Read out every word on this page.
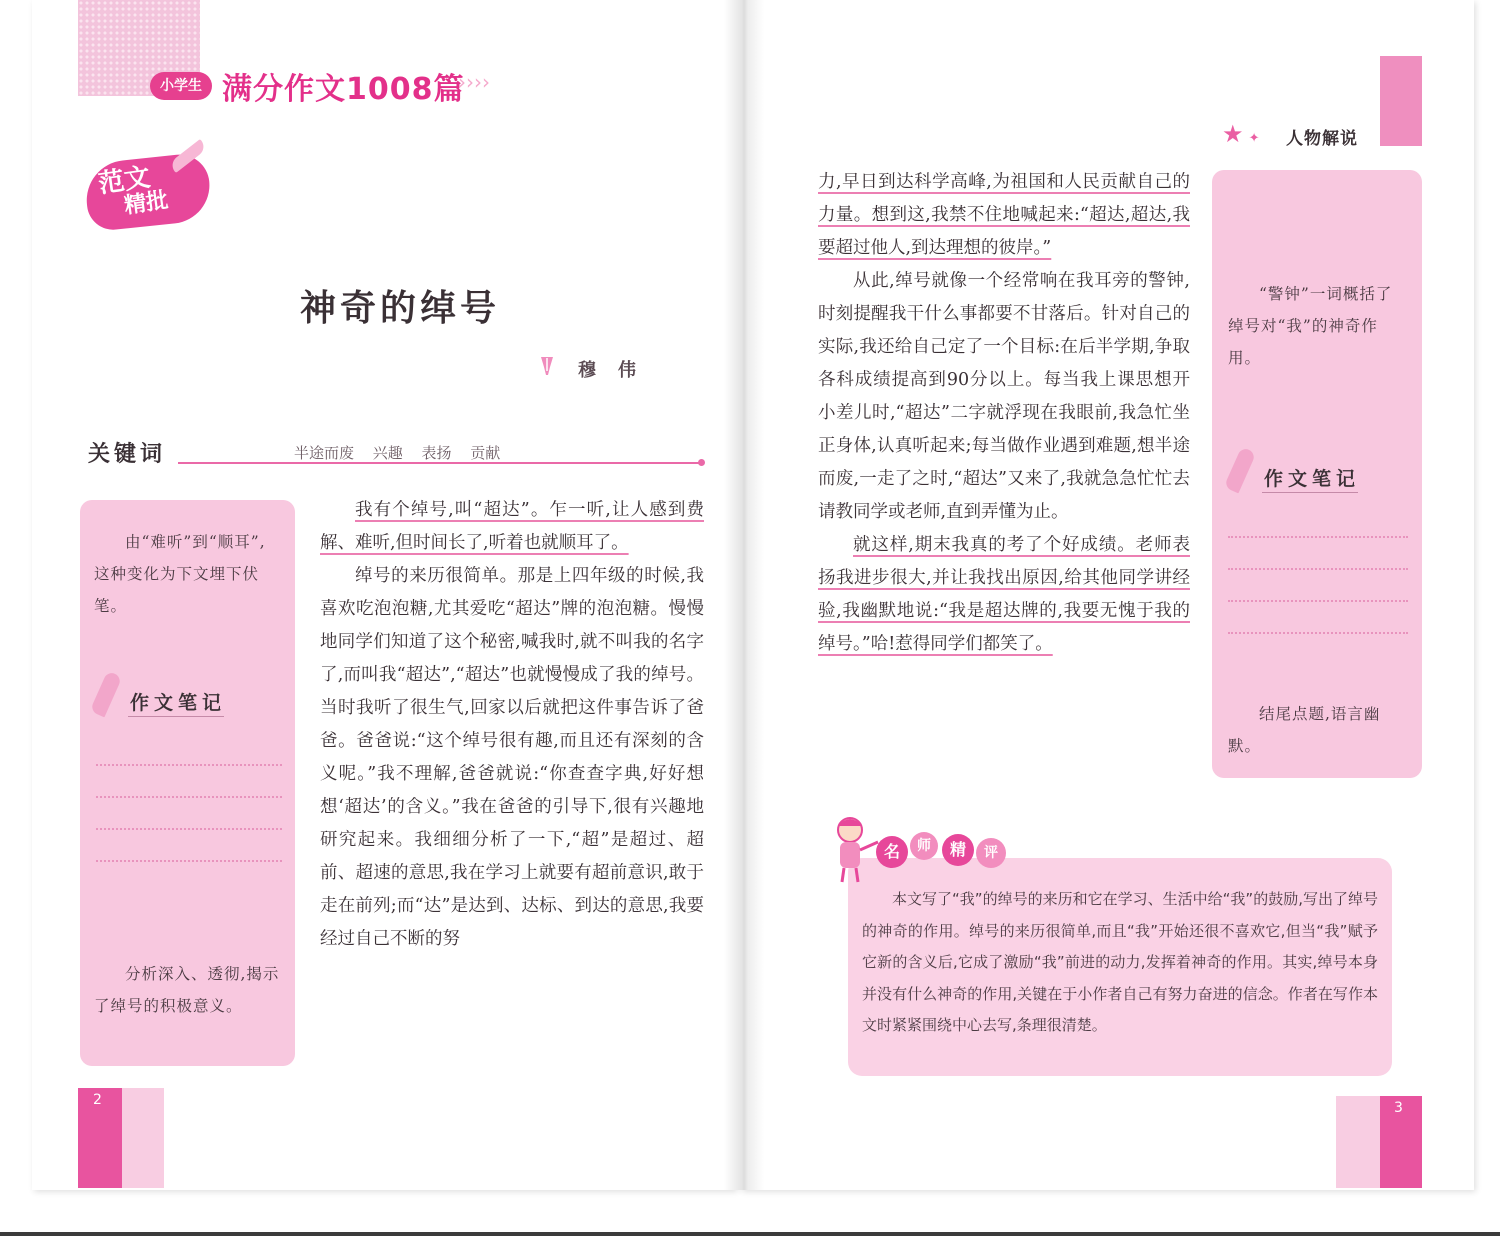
小学生 满分作文1008篇
››››
范文
精批
神奇的绰号
穆伟
关键词	半途而废 兴趣 表扬 贡献
由“难听”到“顺耳”,这种变化为下文埋下伏笔。
作文笔记
分析深入、透彻,揭示了绰号的积极意义。

我有个绰号,叫“超达”。乍一听,让人感到费解、难听,但时间长了,听着也就顺耳了。

绰号的来历很简单。那是上四年级的时候,我喜欢吃泡泡糖,尤其爱吃“超达”牌的泡泡糖。慢慢地同学们知道了这个秘密,喊我时,就不叫我的名字了,而叫我“超达”,“超达”也就慢慢成了我的绰号。当时我听了很生气,回家以后就把这件事告诉了爸爸。爸爸说:“这个绰号很有趣,而且还有深刻的含义呢。”我不理解,爸爸就说:“你查查字典,好好想想‘超达’的含义。”我在爸爸的引导下,很有兴趣地研究起来。我细细分析了一下,“超”是超过、超前、超速的意思,我在学习上就要有超前意识,敢于走在前列;而“达”是达到、达标、到达的意思,我要经过自己不断的努

2
★ ✦ 人物解说
“警钟”一词概括了绰号对“我”的神奇作用。
作文笔记
结尾点题,语言幽默。

力,早日到达科学高峰,为祖国和人民贡献自己的力量。想到这,我禁不住地喊起来:“超达,超达,我要超过他人,到达理想的彼岸。”

从此,绰号就像一个经常响在我耳旁的警钟,时刻提醒我干什么事都要不甘落后。针对自己的实际,我还给自己定了一个目标:在后半学期,争取各科成绩提高到90分以上。每当我上课思想开小差儿时,“超达”二字就浮现在我眼前,我急忙坐正身体,认真听起来;每当做作业遇到难题,想半途而废,一走了之时,“超达”又来了,我就急急忙忙去请教同学或老师,直到弄懂为止。

就这样,期末我真的考了个好成绩。老师表扬我进步很大,并让我找出原因,给其他同学讲经验,我幽默地说:“我是超达牌的,我要无愧于我的绰号。”哈!惹得同学们都笑了。

名	师	精	评

本文写了“我”的绰号的来历和它在学习、生活中给“我”的鼓励,写出了绰号的神奇的作用。绰号的来历很简单,而且“我”开始还很不喜欢它,但当“我”赋予它新的含义后,它成了激励“我”前进的动力,发挥着神奇的作用。其实,绰号本身并没有什么神奇的作用,关键在于小作者自己有努力奋进的信念。作者在写作本文时紧紧围绕中心去写,条理很清楚。

3
